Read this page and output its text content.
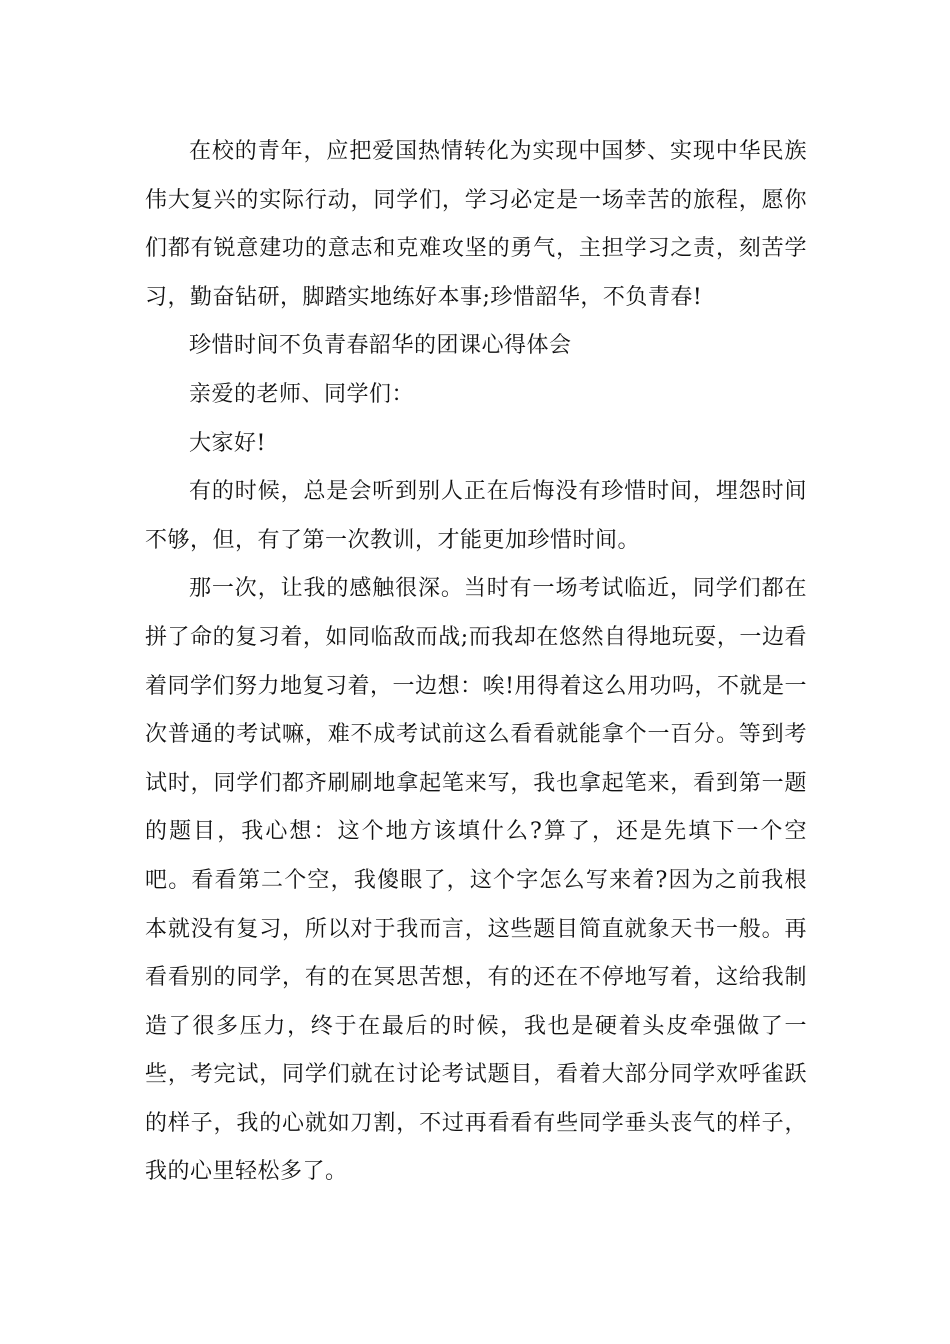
在校的青年，应把爱国热情转化为实现中国梦、实现中华民族伟大复兴的实际行动，同学们，学习必定是一场幸苦的旅程，愿你们都有锐意建功的意志和克难攻坚的勇气，主担学习之责，刻苦学习，勤奋钻研，脚踏实地练好本事;珍惜韶华，不负青春!

珍惜时间不负青春韶华的团课心得体会

亲爱的老师、同学们：

大家好!

有的时候，总是会听到别人正在后悔没有珍惜时间，埋怨时间不够，但，有了第一次教训，才能更加珍惜时间。

那一次，让我的感触很深。当时有一场考试临近，同学们都在拼了命的复习着，如同临敌而战;而我却在悠然自得地玩耍，一边看着同学们努力地复习着，一边想：唉!用得着这么用功吗，不就是一次普通的考试嘛，难不成考试前这么看看就能拿个一百分。等到考试时，同学们都齐刷刷地拿起笔来写，我也拿起笔来，看到第一题的题目，我心想：这个地方该填什么?算了，还是先填下一个空吧。看看第二个空，我傻眼了，这个字怎么写来着?因为之前我根本就没有复习，所以对于我而言，这些题目简直就象天书一般。再看看别的同学，有的在冥思苦想，有的还在不停地写着，这给我制造了很多压力，终于在最后的时候，我也是硬着头皮牵强做了一些，考完试，同学们就在讨论考试题目，看着大部分同学欢呼雀跃的样子，我的心就如刀割，不过再看看有些同学垂头丧气的样子，我的心里轻松多了。
